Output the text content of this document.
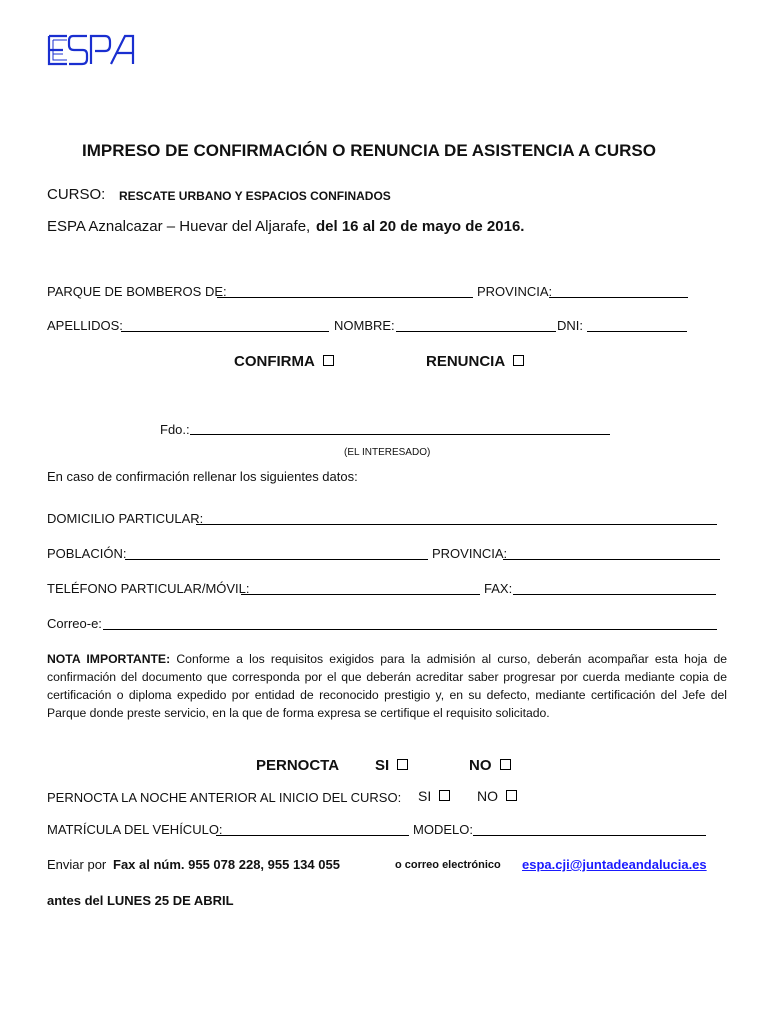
IMPRESO DE CONFIRMACIÓN O RENUNCIA DE ASISTENCIA A CURSO
CURSO: RESCATE URBANO Y ESPACIOS CONFINADOS
ESPA Aznalcazar – Huevar del Aljarafe, del 16 al 20 de mayo de 2016.
PARQUE DE BOMBEROS DE:	PROVINCIA:
APELLIDOS:	NOMBRE:	DNI:
CONFIRMA	RENUNCIA
Fdo.:
(EL INTERESADO)
En caso de confirmación rellenar los siguientes datos:
DOMICILIO PARTICULAR:
POBLACIÓN:	PROVINCIA:
TELÉFONO PARTICULAR/MÓVIL:	FAX:
Correo-e:
NOTA IMPORTANTE: Conforme a los requisitos exigidos para la admisión al curso, deberán acompañar esta hoja de confirmación del documento que corresponda por el que deberán acreditar saber progresar por cuerda mediante copia de certificación o diploma expedido por entidad de reconocido prestigio y, en su defecto, mediante certificación del Jefe del Parque donde preste servicio, en la que de forma expresa se certifique el requisito solicitado.
PERNOCTA SI	NO
PERNOCTA LA NOCHE ANTERIOR AL INICIO DEL CURSO: SI	NO
MATRÍCULA DEL VEHÍCULO:	MODELO:
Enviar por Fax al núm. 955 078 228, 955 134 055	o correo electrónico espa.cji@juntadeandalucia.es
antes del LUNES 25 DE ABRIL
